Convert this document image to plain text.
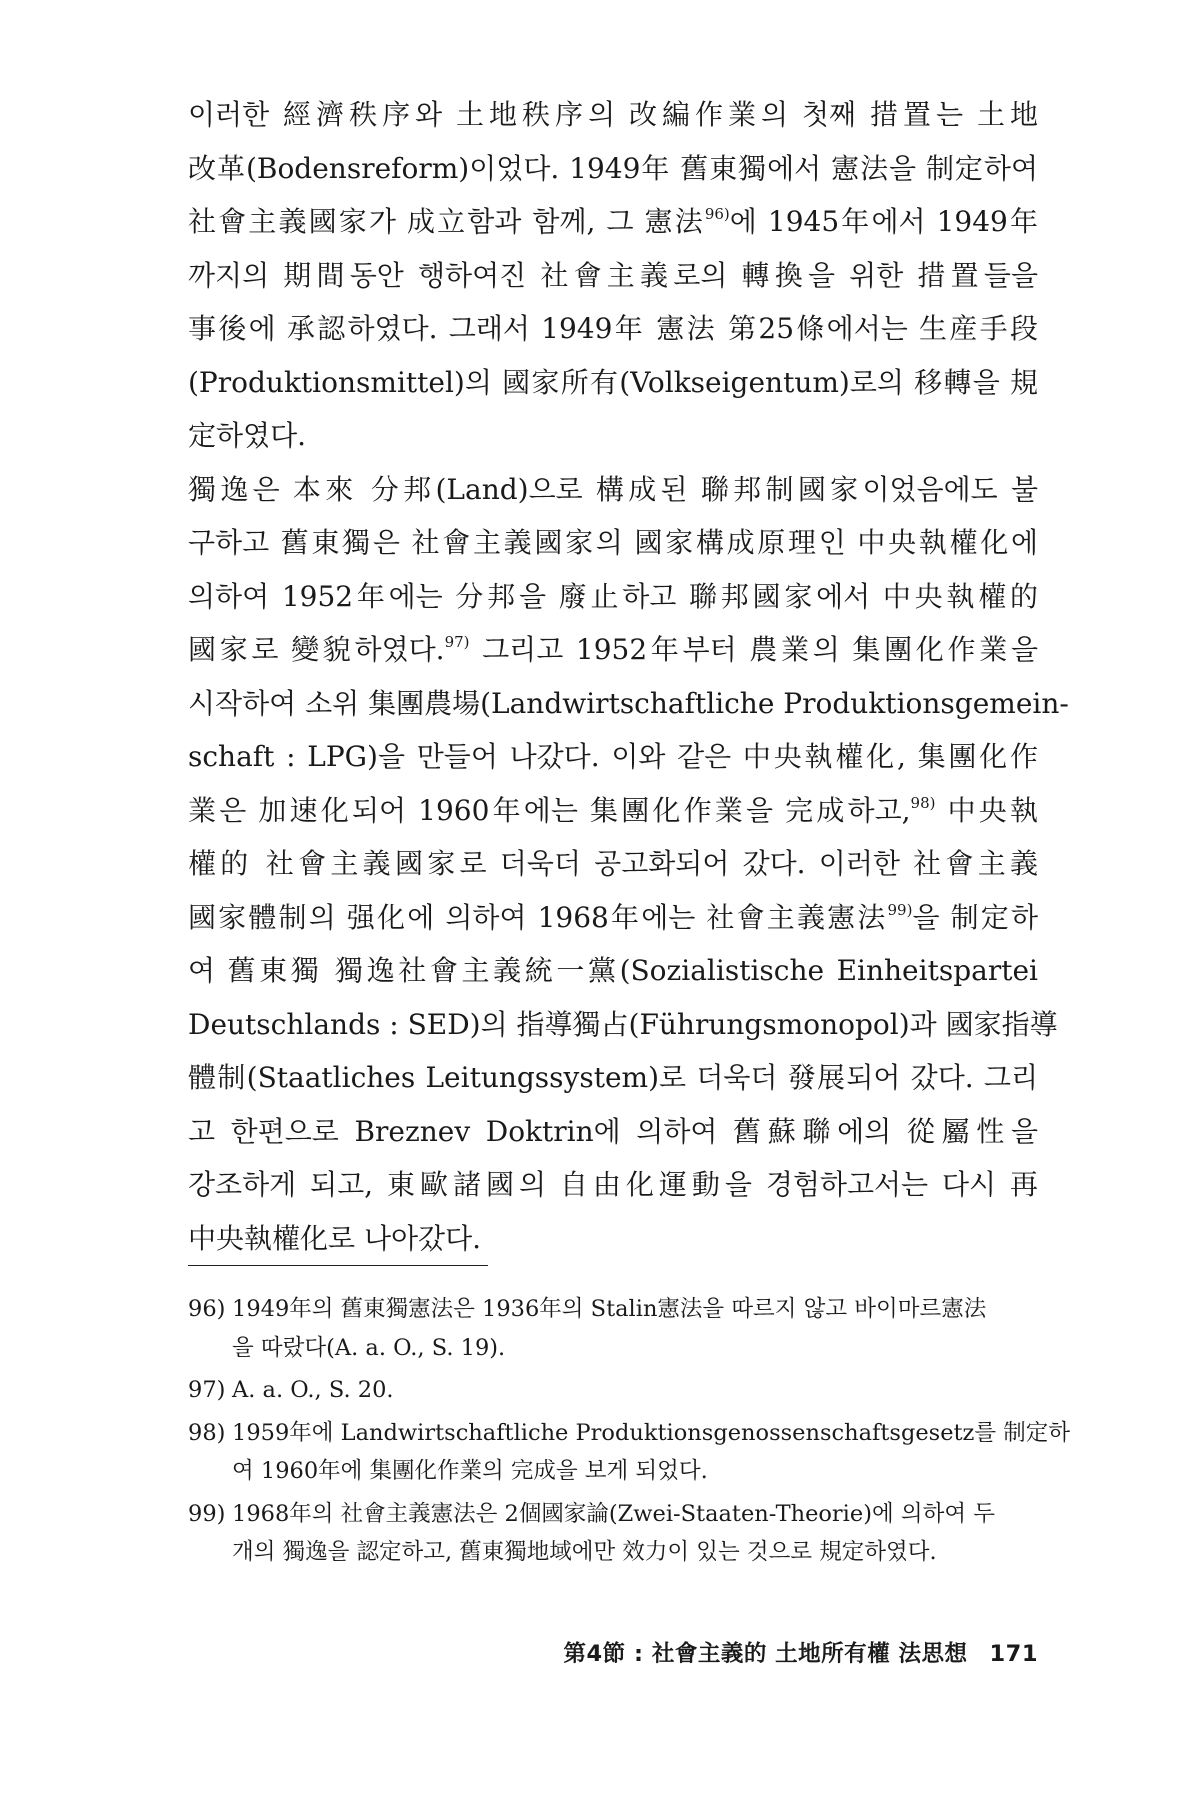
이러한 經濟秩序와 土地秩序의 改編作業의 첫째 措置는 土地
改革(Bodensreform)이었다. 1949年 舊東獨에서 憲法을 制定하여
社會主義國家가 成立함과 함께, 그 憲法$^{96)}$에 1945年에서 1949年
까지의 期間동안 행하여진 社會主義로의 轉換을 위한 措置들을
事後에 承認하였다. 그래서 1949年 憲法 第25條에서는 生産手段
(Produktionsmittel)의 國家所有(Volkseigentum)로의 移轉을 規
定하였다.
獨逸은 本來 分邦(Land)으로 構成된 聯邦制國家이었음에도 불
구하고 舊東獨은 社會主義國家의 國家構成原理인 中央執權化에
의하여 1952年에는 分邦을 廢止하고 聯邦國家에서 中央執權的
國家로 變貌하였다.$^{97)}$ 그리고 1952年부터 農業의 集團化作業을
시작하여 소위 集團農場(Landwirtschaftliche Produktionsgemein-
schaft : LPG)을 만들어 나갔다. 이와 같은 中央執權化, 集團化作
業은 加速化되어 1960年에는 集團化作業을 完成하고,$^{98)}$ 中央執
權的 社會主義國家로 더욱더 공고화되어 갔다. 이러한 社會主義
國家體制의 强化에 의하여 1968年에는 社會主義憲法$^{99)}$을 制定하
여 舊東獨 獨逸社會主義統一黨(Sozialistische Einheitspartei
Deutschlands : SED)의 指導獨占(Führungsmonopol)과 國家指導
體制(Staatliches Leitungssystem)로 더욱더 發展되어 갔다. 그리
고 한편으로 Breznev Doktrin에 의하여 舊蘇聯에의 從屬性을
강조하게 되고, 東歐諸國의 自由化運動을 경험하고서는 다시 再
中央執權化로 나아갔다.
96) 1949年의 舊東獨憲法은 1936年의 Stalin憲法을 따르지 않고 바이마르憲法
을 따랐다(A. a. O., S. 19).
97) A. a. O., S. 20.
98) 1959年에 Landwirtschaftliche Produktionsgenossenschaftsgesetz를 制定하
여 1960年에 集團化作業의 完成을 보게 되었다.
99) 1968年의 社會主義憲法은 2個國家論(Zwei-Staaten-Theorie)에 의하여 두
개의 獨逸을 認定하고, 舊東獨地域에만 效力이 있는 것으로 規定하였다.
第4節 : 社會主義的 土地所有權 法思想 171
